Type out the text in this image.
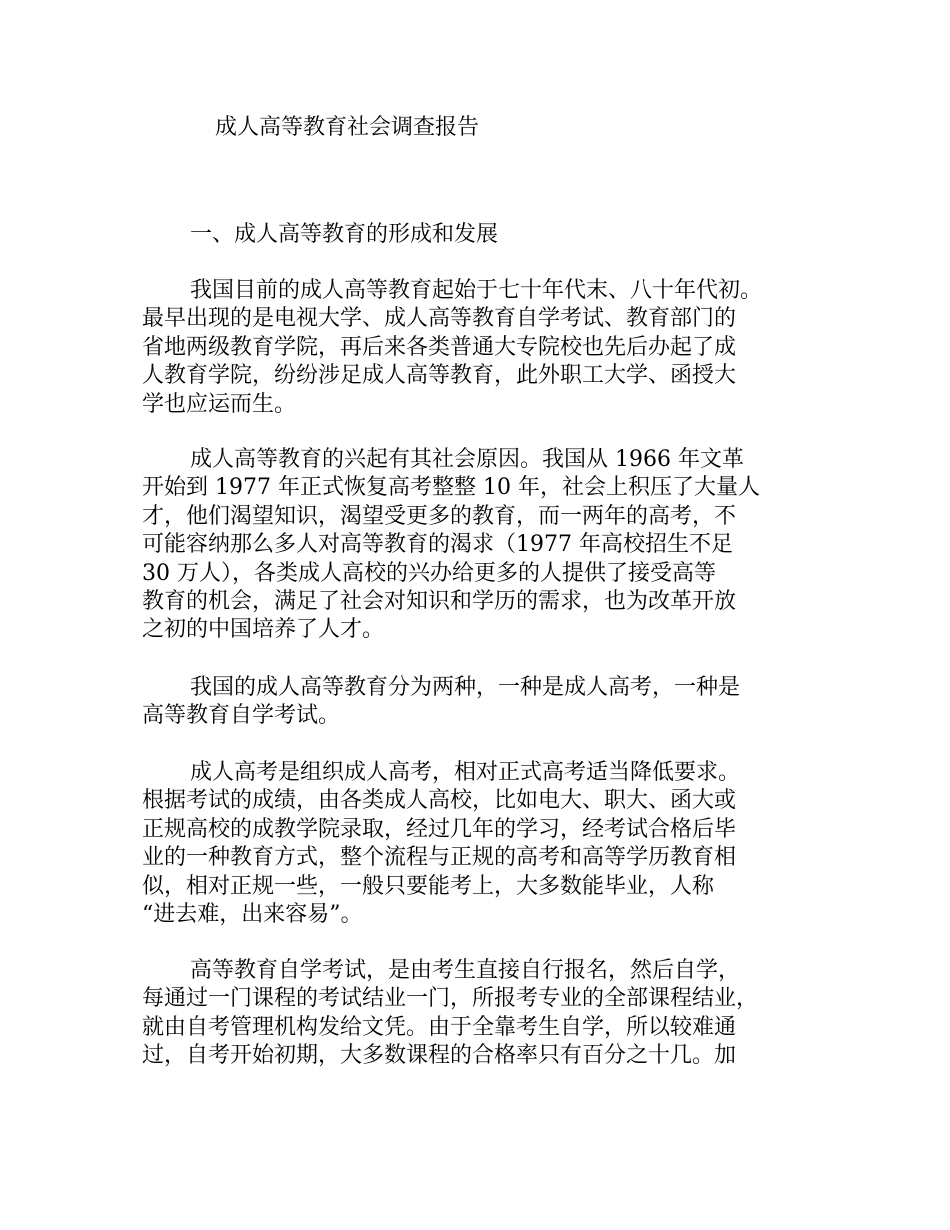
成人高等教育社会调查报告
一、成人高等教育的形成和发展
我国目前的成人高等教育起始于七十年代末、八十年代初。
最早出现的是电视大学、成人高等教育自学考试、教育部门的
省地两级教育学院，再后来各类普通大专院校也先后办起了成
人教育学院，纷纷涉足成人高等教育，此外职工大学、函授大
学也应运而生。
成人高等教育的兴起有其社会原因。我国从 1966 年文革
开始到 1977 年正式恢复高考整整 10 年，社会上积压了大量人
才，他们渴望知识，渴望受更多的教育，而一两年的高考，不
可能容纳那么多人对高等教育的渴求（1977 年高校招生不足
30 万人），各类成人高校的兴办给更多的人提供了接受高等
教育的机会，满足了社会对知识和学历的需求，也为改革开放
之初的中国培养了人才。
我国的成人高等教育分为两种，一种是成人高考，一种是
高等教育自学考试。
成人高考是组织成人高考，相对正式高考适当降低要求。
根据考试的成绩，由各类成人高校，比如电大、职大、函大或
正规高校的成教学院录取，经过几年的学习，经考试合格后毕
业的一种教育方式，整个流程与正规的高考和高等学历教育相
似，相对正规一些，一般只要能考上，大多数能毕业，人称
“进去难，出来容易”。
高等教育自学考试，是由考生直接自行报名，然后自学，
每通过一门课程的考试结业一门，所报考专业的全部课程结业，
就由自考管理机构发给文凭。由于全靠考生自学，所以较难通
过，自考开始初期，大多数课程的合格率只有百分之十几。加
